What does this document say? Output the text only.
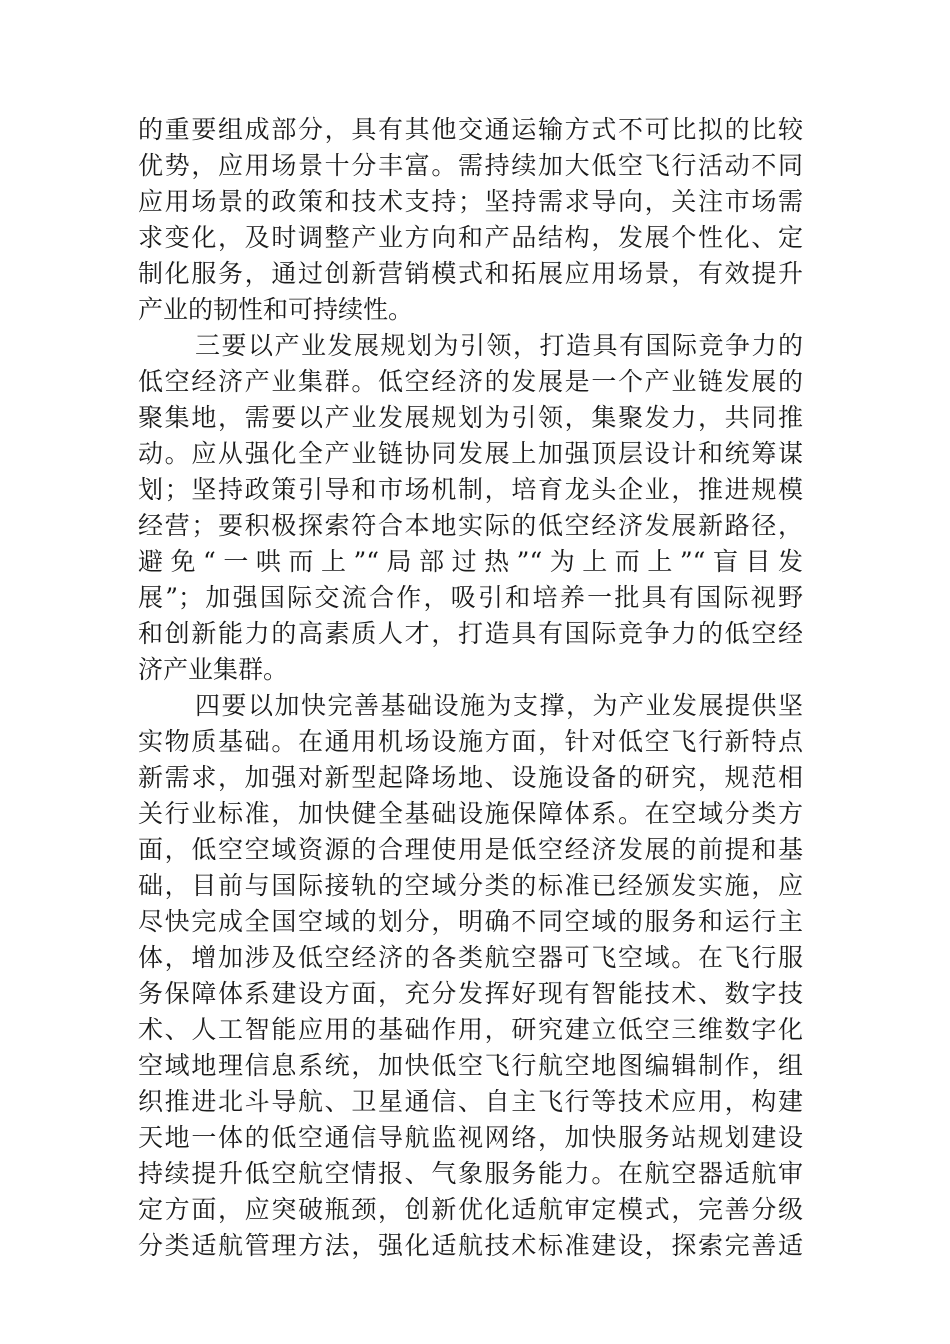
的重要组成部分，具有其他交通运输方式不可比拟的比较
优势，应用场景十分丰富。需持续加大低空飞行活动不同
应用场景的政策和技术支持；坚持需求导向，关注市场需
求变化，及时调整产业方向和产品结构，发展个性化、定
制化服务，通过创新营销模式和拓展应用场景，有效提升
产业的韧性和可持续性。
三要以产业发展规划为引领，打造具有国际竞争力的
低空经济产业集群。低空经济的发展是一个产业链发展的
聚集地，需要以产业发展规划为引领，集聚发力，共同推
动。应从强化全产业链协同发展上加强顶层设计和统筹谋
划；坚持政策引导和市场机制，培育龙头企业，推进规模
经营；要积极探索符合本地实际的低空经济发展新路径，
避免“一哄而上”“局部过热”“为上而上”“盲目发
展”；加强国际交流合作，吸引和培养一批具有国际视野
和创新能力的高素质人才，打造具有国际竞争力的低空经
济产业集群。
四要以加快完善基础设施为支撑，为产业发展提供坚
实物质基础。在通用机场设施方面，针对低空飞行新特点
新需求，加强对新型起降场地、设施设备的研究，规范相
关行业标准，加快健全基础设施保障体系。在空域分类方
面，低空空域资源的合理使用是低空经济发展的前提和基
础，目前与国际接轨的空域分类的标准已经颁发实施，应
尽快完成全国空域的划分，明确不同空域的服务和运行主
体，增加涉及低空经济的各类航空器可飞空域。在飞行服
务保障体系建设方面，充分发挥好现有智能技术、数字技
术、人工智能应用的基础作用，研究建立低空三维数字化
空域地理信息系统，加快低空飞行航空地图编辑制作，组
织推进北斗导航、卫星通信、自主飞行等技术应用，构建
天地一体的低空通信导航监视网络，加快服务站规划建设
持续提升低空航空情报、气象服务能力。在航空器适航审
定方面，应突破瓶颈，创新优化适航审定模式，完善分级
分类适航管理方法，强化适航技术标准建设，探索完善适
